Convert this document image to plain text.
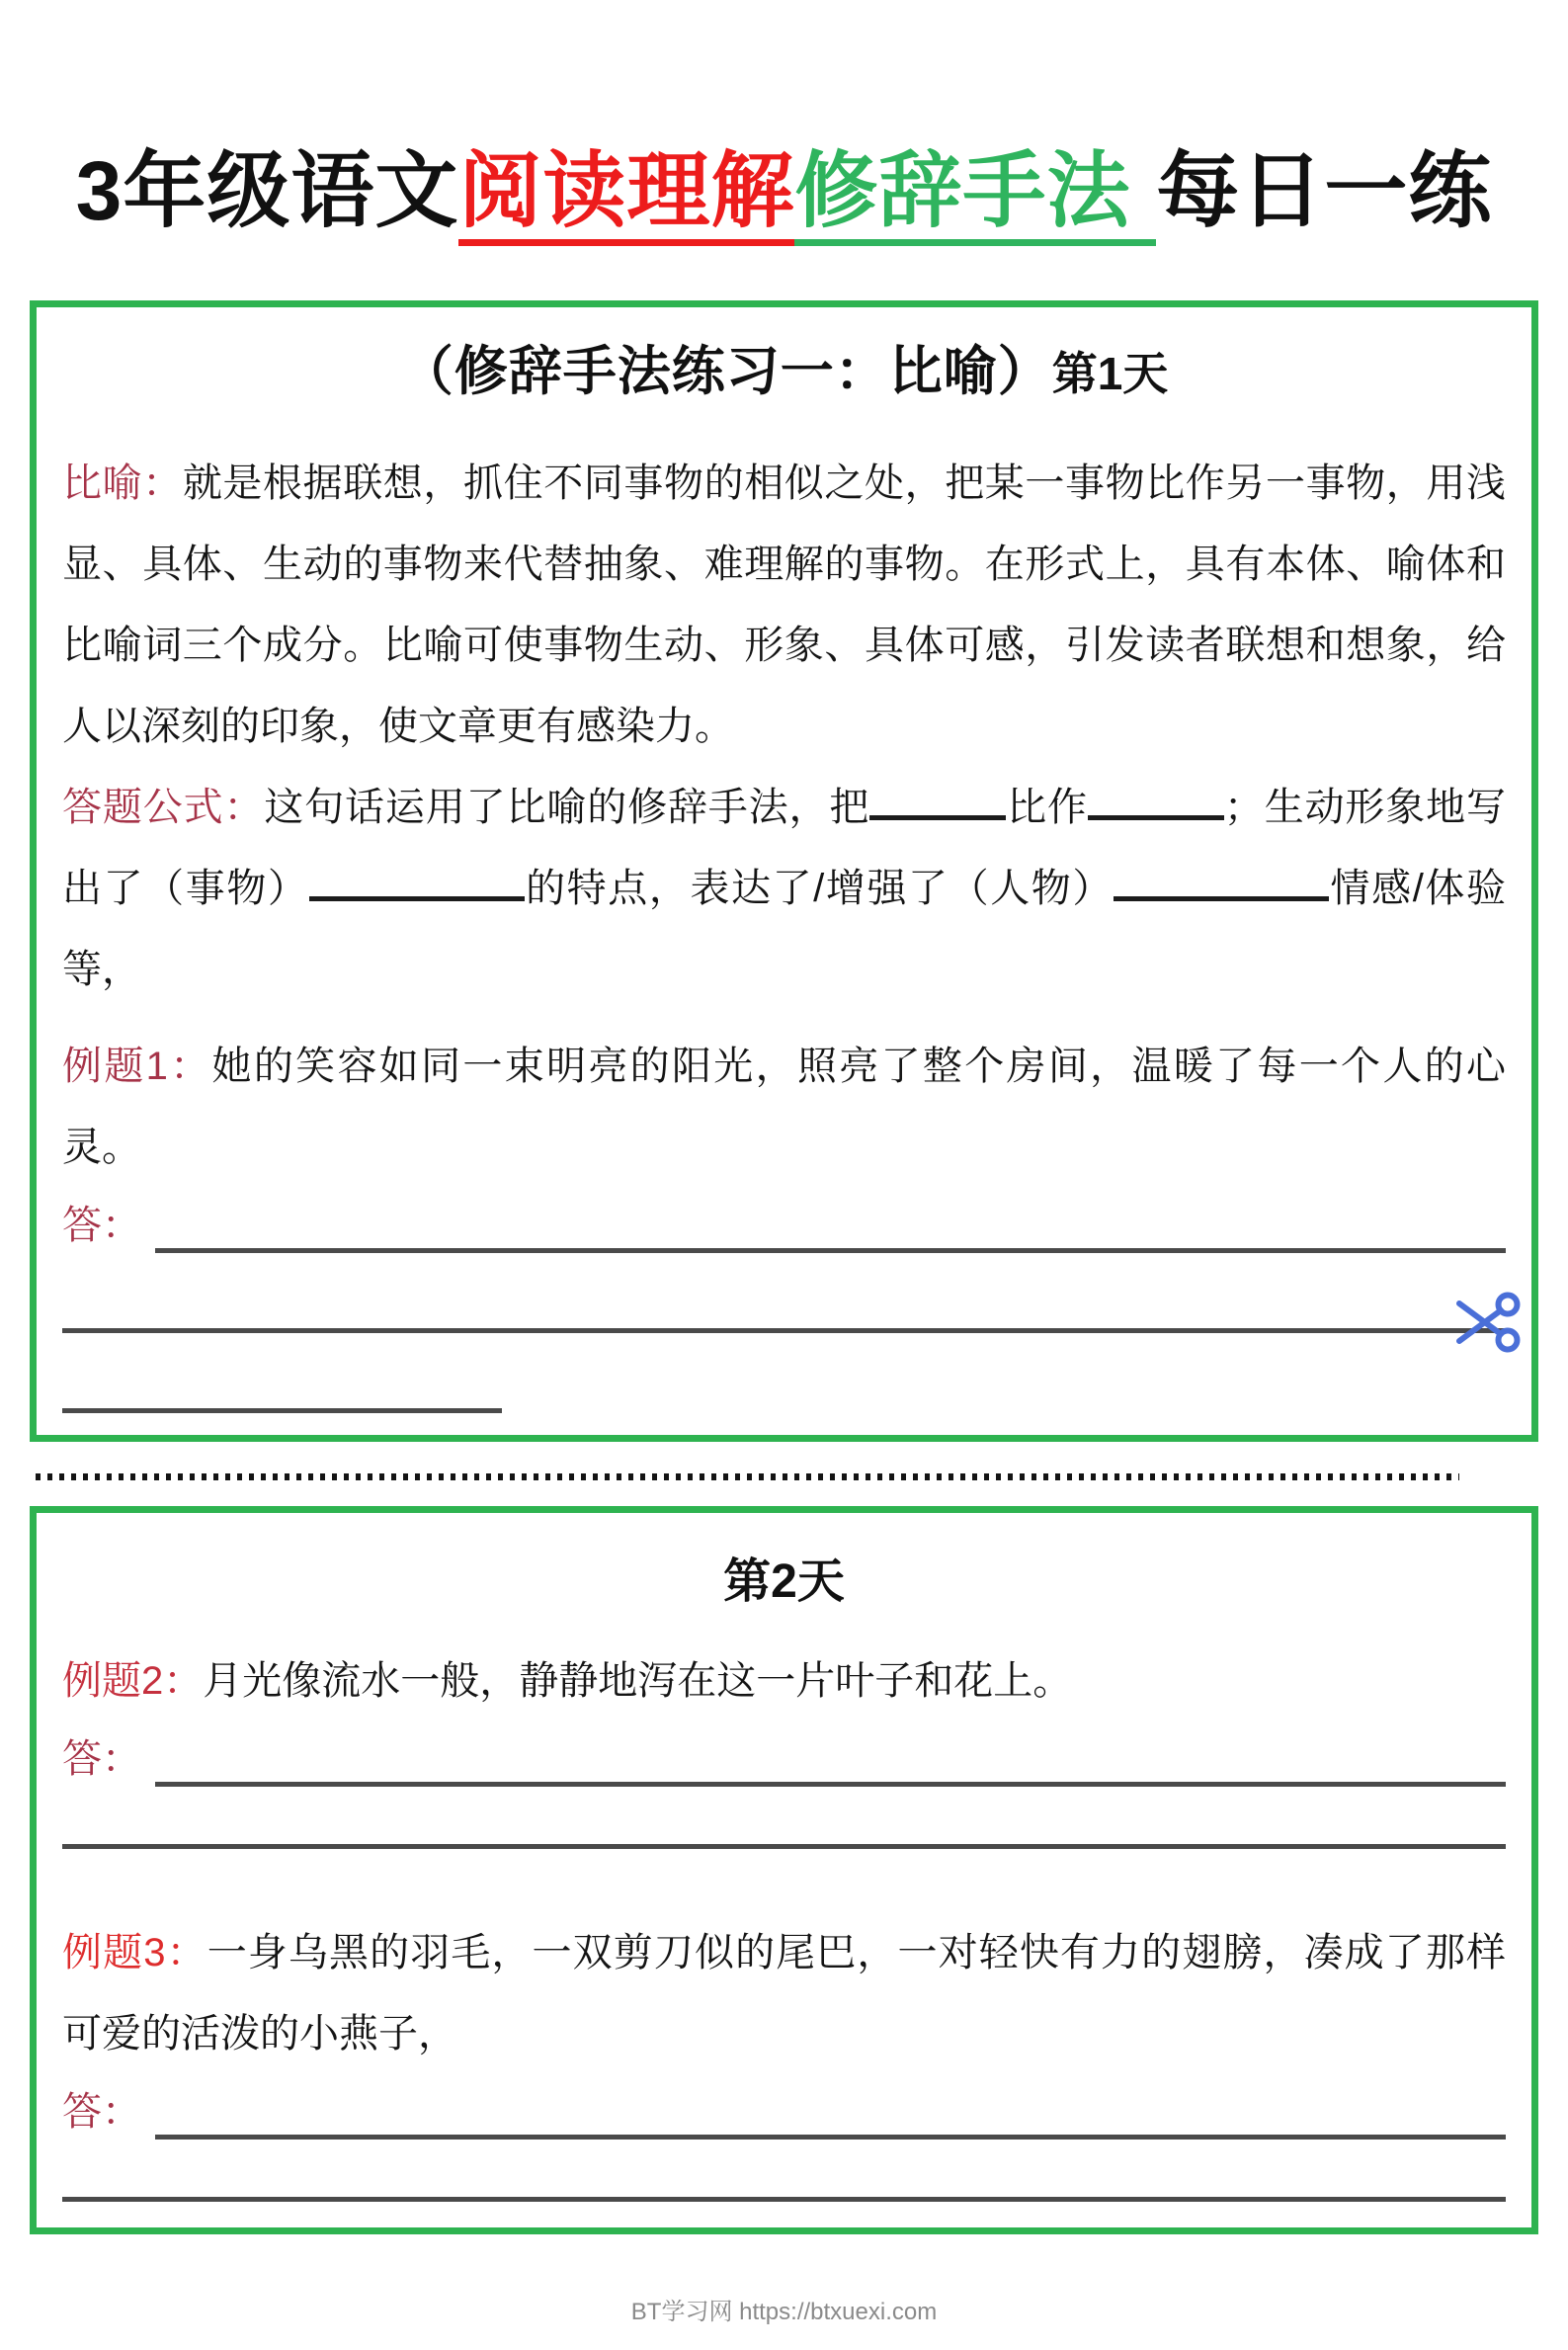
3年级语文阅读理解修辞手法 每日一练
（修辞手法练习一：比喻）第1天

比喻：就是根据联想，抓住不同事物的相似之处，把某一事物比作另一事物，用浅显、具体、生动的事物来代替抽象、难理解的事物。在形式上，具有本体、喻体和比喻词三个成分。比喻可使事物生动、形象、具体可感，引发读者联想和想象，给人以深刻的印象，使文章更有感染力。

答题公式：这句话运用了比喻的修辞手法，把	比作	；生动形象地写出了（事物）	的特点，表达了/增强了（人物）	情感/体验等，

例题1：她的笑容如同一束明亮的阳光，照亮了整个房间，温暖了每一个人的心灵。

答：
第2天

例题2：月光像流水一般，静静地泻在这一片叶子和花上。

答：

例题3：一身乌黑的羽毛，一双剪刀似的尾巴，一对轻快有力的翅膀，凑成了那样可爱的活泼的小燕子，

答：
BT学习网 https://btxuexi.com
